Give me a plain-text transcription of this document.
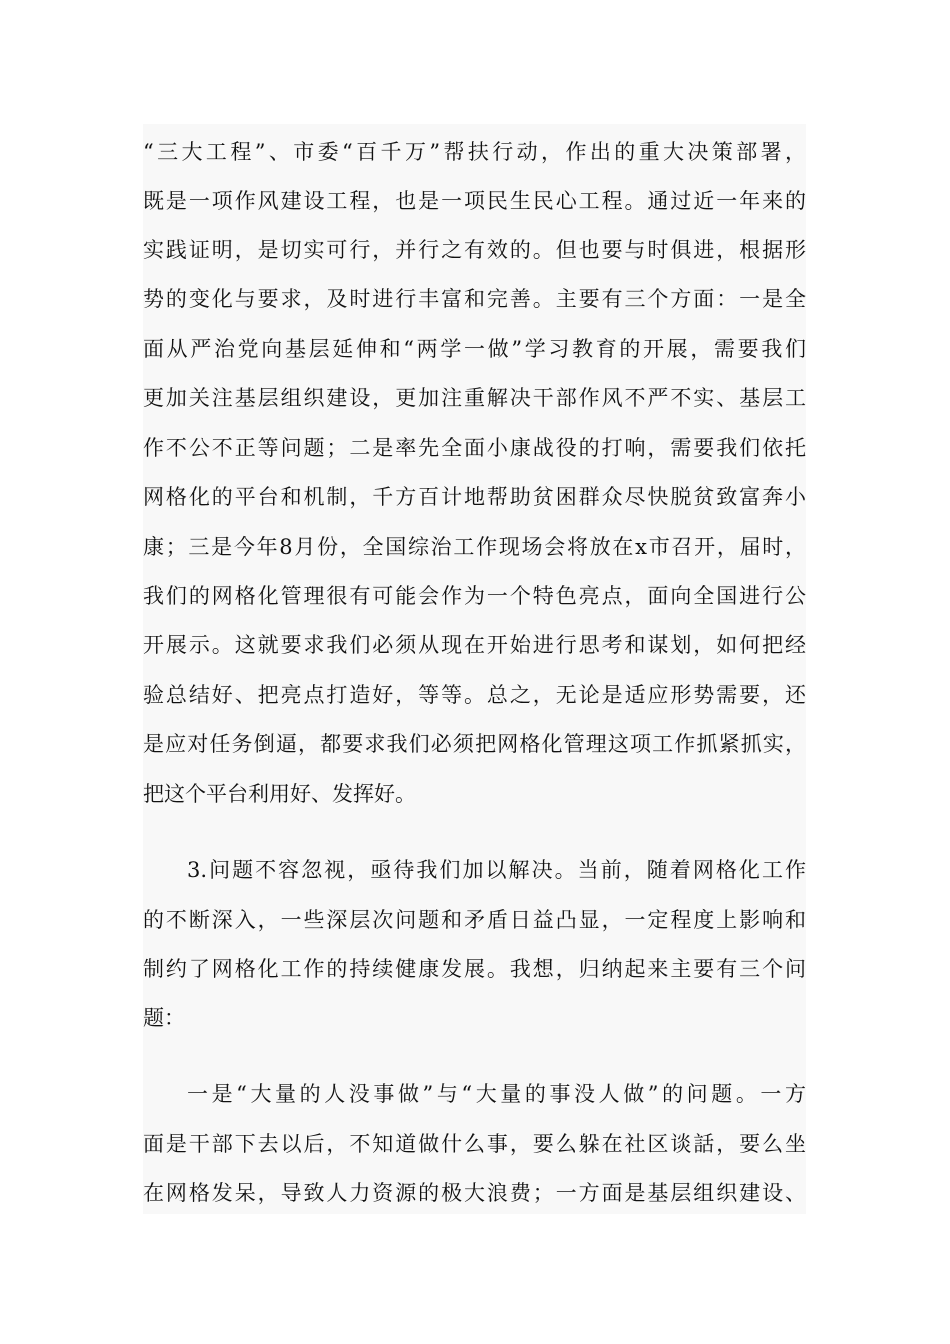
“三大工程”、市委“百千万”帮扶行动，作出的重大决策部署，
既是一项作风建设工程，也是一项民生民心工程。通过近一年来的
实践证明，是切实可行，并行之有效的。但也要与时俱进，根据形
势的变化与要求，及时进行丰富和完善。主要有三个方面：一是全
面从严治党向基层延伸和“两学一做”学习教育的开展，需要我们
更加关注基层组织建设，更加注重解决干部作风不严不实、基层工
作不公不正等问题；二是率先全面小康战役的打响，需要我们依托
网格化的平台和机制，千方百计地帮助贫困群众尽快脱贫致富奔小
康；三是今年8月份，全国综治工作现场会将放在x市召开，届时，
我们的网格化管理很有可能会作为一个特色亮点，面向全国进行公
开展示。这就要求我们必须从现在开始进行思考和谋划，如何把经
验总结好、把亮点打造好，等等。总之，无论是适应形势需要，还
是应对任务倒逼，都要求我们必须把网格化管理这项工作抓紧抓实，
把这个平台利用好、发挥好。
3.问题不容忽视，亟待我们加以解决。当前，随着网格化工作
的不断深入，一些深层次问题和矛盾日益凸显，一定程度上影响和
制约了网格化工作的持续健康发展。我想，归纳起来主要有三个问
题：
一是“大量的人没事做”与“大量的事没人做”的问题。一方
面是干部下去以后，不知道做什么事，要么躲在社区谈話，要么坐
在网格发呆，导致人力资源的极大浪费；一方面是基层组织建设、
